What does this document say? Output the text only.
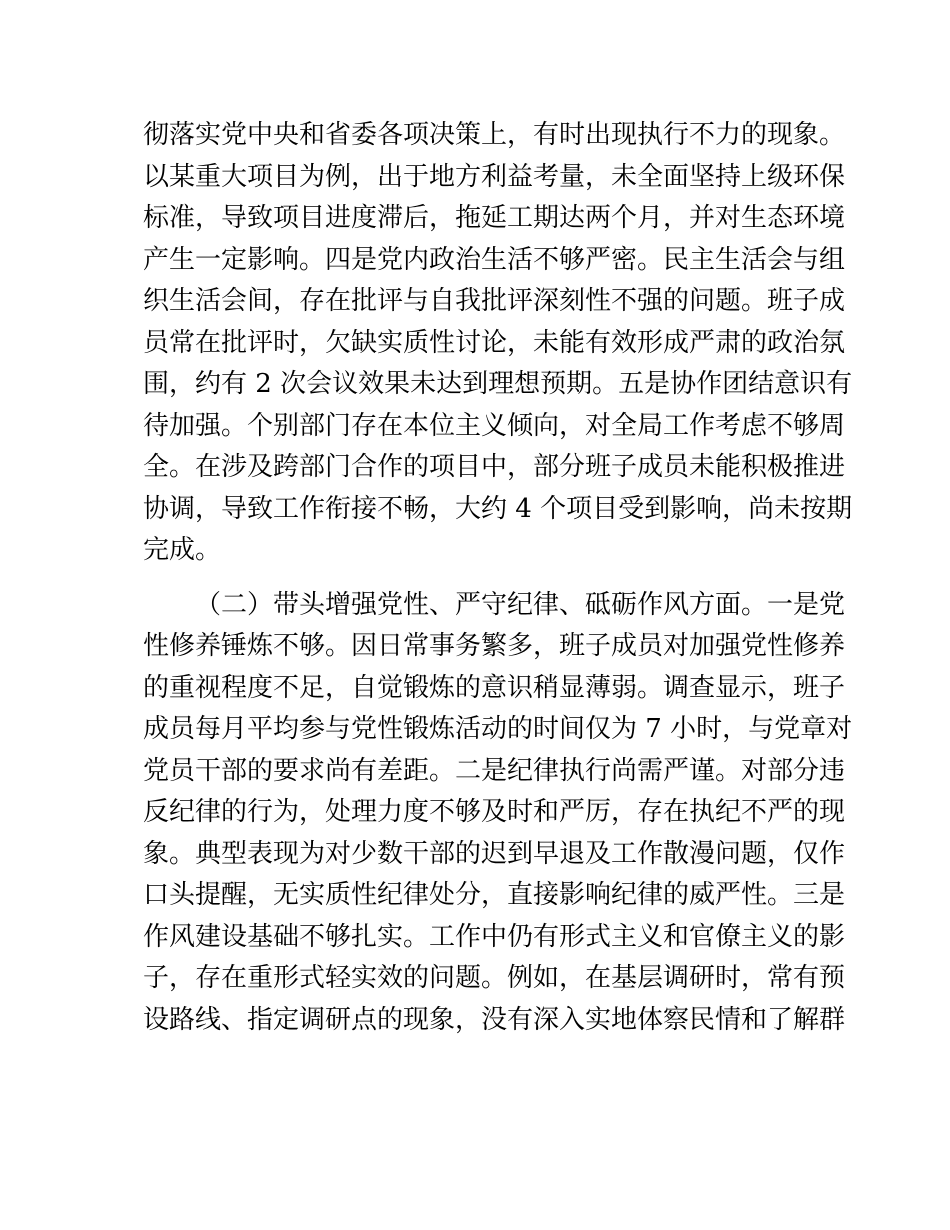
彻落实党中央和省委各项决策上，有时出现执行不力的现象。
以某重大项目为例，出于地方利益考量，未全面坚持上级环保
标准，导致项目进度滞后，拖延工期达两个月，并对生态环境
产生一定影响。四是党内政治生活不够严密。民主生活会与组
织生活会间，存在批评与自我批评深刻性不强的问题。班子成
员常在批评时，欠缺实质性讨论，未能有效形成严肃的政治氛
围，约有 2 次会议效果未达到理想预期。五是协作团结意识有
待加强。个别部门存在本位主义倾向，对全局工作考虑不够周
全。在涉及跨部门合作的项目中，部分班子成员未能积极推进
协调，导致工作衔接不畅，大约 4 个项目受到影响，尚未按期
完成。
（二）带头增强党性、严守纪律、砥砺作风方面。一是党
性修养锤炼不够。因日常事务繁多，班子成员对加强党性修养
的重视程度不足，自觉锻炼的意识稍显薄弱。调查显示，班子
成员每月平均参与党性锻炼活动的时间仅为 7 小时，与党章对
党员干部的要求尚有差距。二是纪律执行尚需严谨。对部分违
反纪律的行为，处理力度不够及时和严厉，存在执纪不严的现
象。典型表现为对少数干部的迟到早退及工作散漫问题，仅作
口头提醒，无实质性纪律处分，直接影响纪律的威严性。三是
作风建设基础不够扎实。工作中仍有形式主义和官僚主义的影
子，存在重形式轻实效的问题。例如，在基层调研时，常有预
设路线、指定调研点的现象，没有深入实地体察民情和了解群
